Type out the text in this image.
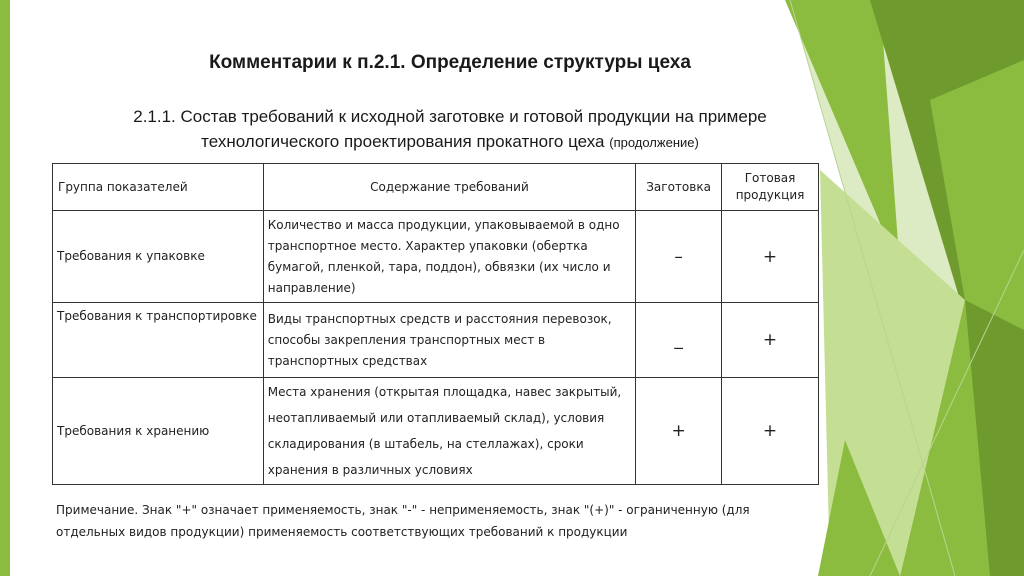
Комментарии к п.2.1. Определение структуры цеха
2.1.1. Состав требований к исходной заготовке и готовой продукции на примере
технологического проектирования прокатного цеха (продолжение)
Группа показателей	Содержание требований	Заготовка	Готовая
продукция
Требования к упаковке	Количество и масса продукции, упаковываемой в одно транспортное место. Характер упаковки (обертка бумагой, пленкой, тара, поддон), обвязки (их число и направление)	–	+
Требования к транспортировке	Виды транспортных средств и расстояния перевозок, способы закрепления транспортных мест в транспортных средствах	_	+
Требования к хранению	Места хранения (открытая площадка, навес закрытый, неотапливаемый или отапливаемый склад), условия складирования (в штабель, на стеллажах), сроки хранения в различных условиях	+	+
Примечание. Знак "+" означает применяемость, знак "-" - неприменяемость, знак "(+)" - ограниченную (для отдельных видов продукции) применяемость соответствующих требований к продукции
